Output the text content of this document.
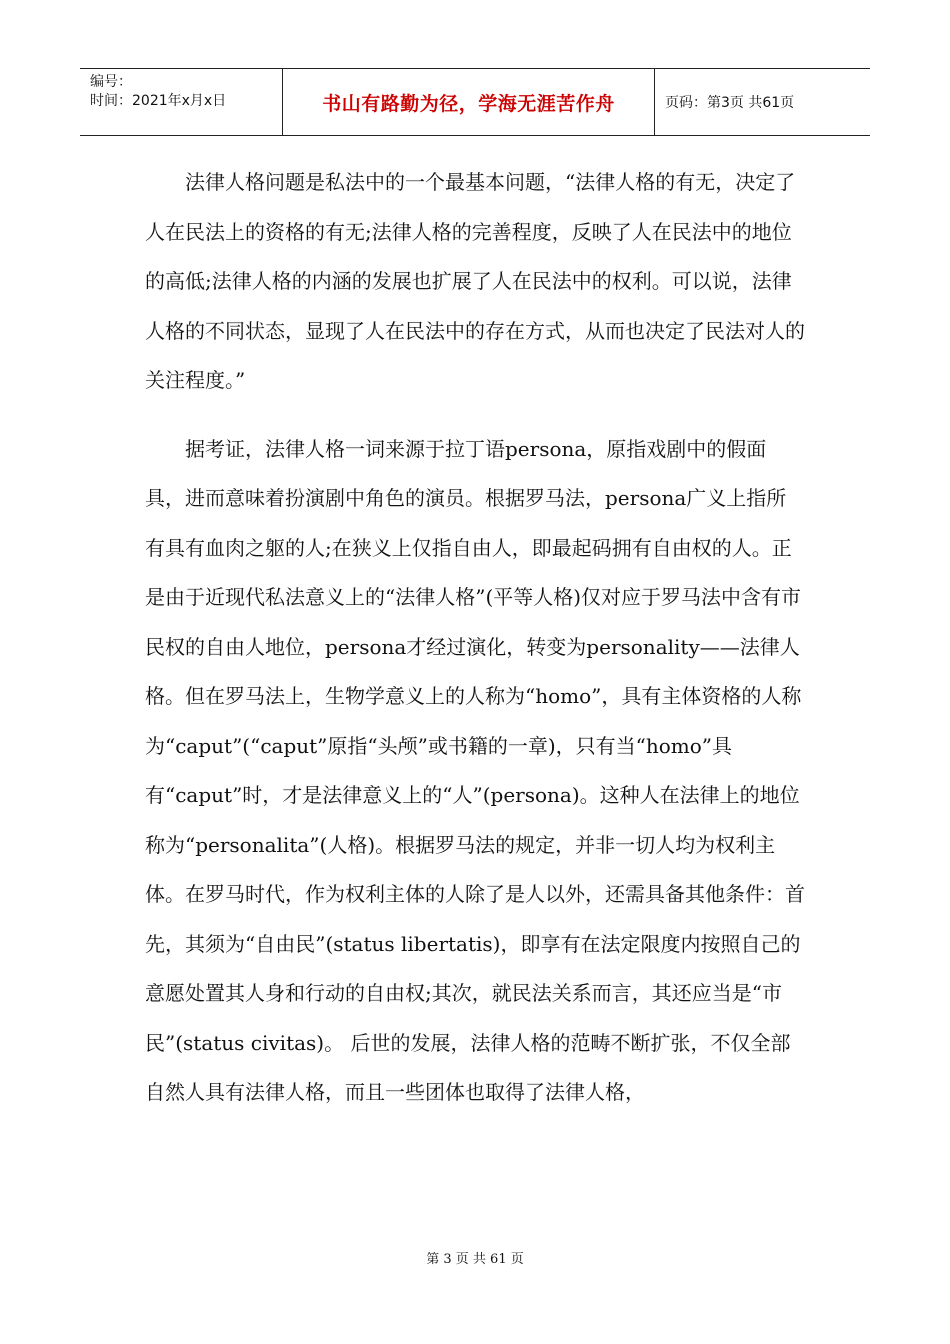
编号：
时间：2021年x月x日	书山有路勤为径，学海无涯苦作舟	页码：第3页 共61页

法律人格问题是私法中的一个最基本问题，“法律人格的有无，决定了人在民法上的资格的有无;法律人格的完善程度，反映了人在民法中的地位的高低;法律人格的内涵的发展也扩展了人在民法中的权利。可以说，法律人格的不同状态，显现了人在民法中的存在方式，从而也决定了民法对人的关注程度。”

据考证，法律人格一词来源于拉丁语persona，原指戏剧中的假面具，进而意味着扮演剧中角色的演员。根据罗马法，persona广义上指所有具有血肉之躯的人;在狭义上仅指自由人，即最起码拥有自由权的人。正是由于近现代私法意义上的“法律人格”(平等人格)仅对应于罗马法中含有市民权的自由人地位，persona才经过演化，转变为personality——法律人格。但在罗马法上，生物学意义上的人称为“homo”，具有主体资格的人称为“caput”(“caput”原指“头颅”或书籍的一章)，只有当“homo”具有“caput”时，才是法律意义上的“人”(persona)。这种人在法律上的地位称为“personalita”(人格)。根据罗马法的规定，并非一切人均为权利主体。在罗马时代，作为权利主体的人除了是人以外，还需具备其他条件：首先，其须为“自由民”(status libertatis)，即享有在法定限度内按照自己的意愿处置其人身和行动的自由权;其次，就民法关系而言，其还应当是“市民”(status civitas)。 后世的发展，法律人格的范畴不断扩张，不仅全部自然人具有法律人格，而且一些团体也取得了法律人格，

第 3 页 共 61 页
